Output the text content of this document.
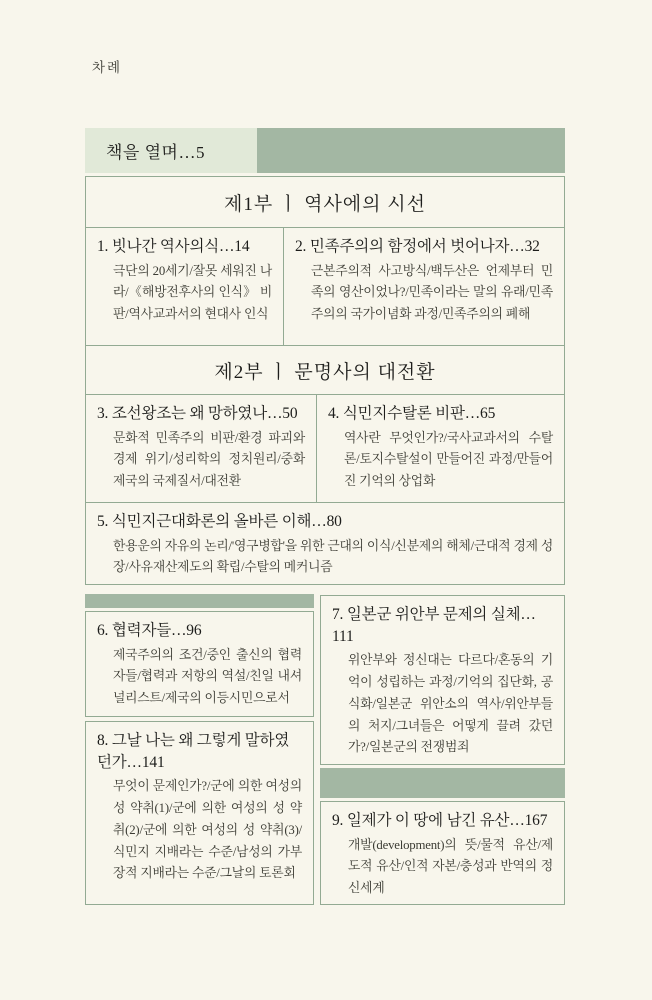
차례
책을 열며…5
제1부 ㅣ 역사에의 시선
1. 빗나간 역사의식…14
극단의 20세기/잘못 세워진 나라/《해방전후사의 인식》 비판/역사교과서의 현대사 인식
2. 민족주의의 함정에서 벗어나자…32
근본주의적 사고방식/백두산은 언제부터 민족의 영산이었나?/민족이라는 말의 유래/민족주의의 국가이념화 과정/민족주의의 폐해
제2부 ㅣ 문명사의 대전환
3. 조선왕조는 왜 망하였나…50
문화적 민족주의 비판/환경 파괴와 경제 위기/성리학의 정치원리/중화제국의 국제질서/대전환
4. 식민지수탈론 비판…65
역사란 무엇인가?/국사교과서의 수탈론/토지수탈설이 만들어진 과정/만들어진 기억의 상업화
5. 식민지근대화론의 올바른 이해…80
한용운의 자유의 논리/'영구병합'을 위한 근대의 이식/신분제의 해체/근대적 경제 성장/사유재산제도의 확립/수탈의 메커니즘
6. 협력자들…96
제국주의의 조건/중인 출신의 협력자들/협력과 저항의 역설/친일 내셔널리스트/제국의 이등시민으로서
7. 일본군 위안부 문제의 실체…111
위안부와 정신대는 다르다/혼동의 기억이 성립하는 과정/기억의 집단화, 공식화/일본군 위안소의 역사/위안부들의 처지/그녀들은 어떻게 끌려 갔던가?/일본군의 전쟁범죄
8. 그날 나는 왜 그렇게 말하였던가…141
무엇이 문제인가?/군에 의한 여성의 성 약취(1)/군에 의한 여성의 성 약취(2)/군에 의한 여성의 성 약취(3)/식민지 지배라는 수준/남성의 가부장적 지배라는 수준/그날의 토론회
9. 일제가 이 땅에 남긴 유산…167
개발(development)의 뜻/물적 유산/제도적 유산/인적 자본/충성과 반역의 정신세계
